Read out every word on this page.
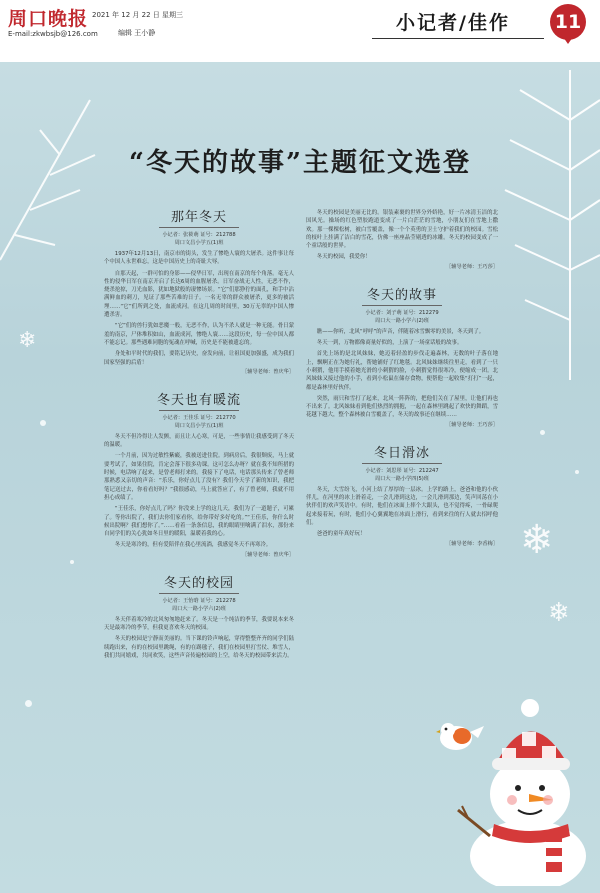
❄
❄
❄
周口晚报
E-mail:zkwbsjb@126.com
2021 年 12 月 22 日 星期三
编辑 王小静	小记者/佳作 11
“冬天的故事”主题征文选登
那年冬天
小记者：张筱萌 证号：212788
周口文昌小学五(1)班

1937年12月13日，南京市的街头，发生了惨绝人寰的大屠杀。这件事让每个中国人永世难忘，这是中国历史上的奇耻大辱。

自那天起，一群可怕的身影——侵华日军，出现在南京的每个角落。毫无人性的侵华日军在南京开启了长达6周的血腥屠杀。日军奋战无人性，无恶不作，烧杀抢掠，刀光血影，犹如地狱般的凄惨场景。“它”们那狰狞的面孔，和手中沾满鲜血的刺刀，见证了那些苦难的日子。一名无辜的群众被屠杀，更多的被活埋……“它”们所到之处，血流成河。在这几周的时间里，30万无辜的中国人惨遭杀害。

“它”们的兽行犹如恶魔一般，无恶不作，认为不杀人就是一种无能。骨日蒙羞的南京，尸体堆积如山，血流成河，惨绝人寰……这段历史，每一位中国人都不能忘记。那些遇难同胞的冤魂在呼喊，历史是不能被遗忘的。

身处和平时代的我们，要铭记历史，奋发向前，让祖国更加强盛，成为我们国家坚强的后盾！

［辅导老师：曾庆华］
冬天也有暖流
小记者：王佳乐 证号：212770
周口文昌小学五(1)班

冬天不但冷得让人发颤，而且让人心寒，可是，一些事情让我感受到了冬天的温暖。

一个月前，因为过敏性紫癜，我被送进住院。到病房后，我很颓废，马上就要考试了，如果住院，肯定会落下很多功课。这可怎么办呀？就在我不知所措的时候，电话响了起来，是曾老师打来的。我接下了电话，电话那头传来了曾老师那熟悉又亲切的声音：“乐乐，你好点儿了没有？我们今天学了新的知识，我把笔记送过去，你看看好吗？”我很感动，马上就答应了，有了曾老师，我就不用担心成绩了。

“王佳乐，你好点儿了吗？你没来上学的这几天，我们为了一道题子，可累了。等你出院了，我们去你们家看你，给你带好多好吃的。”“王佳乐，你什么时候出院啊？我们想你了。”……看着一条条信息，我的眼睛里噙满了泪水，那份来自同学们的关心犹如冬日里的暖阳，温暖着我的心。

冬天是寒冷的，但有爱陪伴在我心里流淌，我感觉冬天不再寒冷。

［辅导老师：曾庆华］
冬天的校园
小记者：王怡晗 证号：212278
周口大一路小学六(2)班

冬天伴着寒冷的北风匆匆地赶来了。冬天是一个纯洁的季节，我要说本来冬天是最寒冷的季节，但我更喜欢冬天的校园。

冬天的校园是宁静而美丽的。当下课的铃声响起，穿得整整齐齐的同学们陆续跑出来，有的在校园里跳绳，有的在踢毽子，我们在校园里打雪仗、堆雪人，我们共同嬉戏，共同欢笑，这些声音传遍校园的上空，给冬天的校园带来活力。

冬天的校园是美丽无比的。银装素裹的世界分外娇艳，好一片冰清玉洁的北国风光。操场的红色塑胶跑道变成了一片白茫茫的雪地，小朋友们在雪地上撒欢。那一棵棵松树，被白雪覆盖，像一个个英勇的卫士守护着我们的校园。雪松的枝叶上挂满了洁白的雪花，仿佛一座座晶莹剔透的冰雕。冬天的校园变成了一个童话般的世界。

冬天的校园，我爱你！

［辅导老师：王巧莎］
冬天的故事
小记者：刘子萌 证号：212279
周口大一路小学六(2)班

瞧——你听，北风“呼呼”的声音，伴随着冰雪飘零的美景，冬天到了。

冬天一到，万物都像商量好似的，上演了一场童话般的故事。

首先上场的是北风妹妹，她迈着轻盈的步伐走遍森林，无数的叶子落在地上，飘啊正在为她行礼，帮她铺好了红地毯。北风妹妹继续往里走，看到了一只小刺猬，他用手摸着她光滑的小刺猬的脸，小刺猬觉得很寒冷，便缩成一团。北风妹妹又接过他的小手，看到小松鼠在储存食物，便帮他一起收集“打打”一起，都是森林里好伙伴。

突然，雨只和雪打了起来，北风一阵阵的，把他们关在了屋里，让他们再也不出来了。北风妹妹看到他们热烈的拥抱，一起在森林里跳起了欢快的舞蹈，雪花越下越大，整个森林被白雪覆盖了，冬天的故事还在继续……

［辅导老师：王巧莎］
冬日滑冰
小记者：刘思彤 证号：212247
周口大一路小学四(5)班

冬天，大雪纷飞，小河上结了厚厚的一层冰。上学的路上，爸爸和他的小伙伴儿，在河里的冰上滑着走，一会儿滑到这边，一会儿滑到那边，笑声回荡在小伙伴们的欢声笑语中。有时，他们在冰面上摔个大跟头，也不觉得疼，一骨碌爬起来接着玩，有时，他们小心翼翼地在冰面上滑行，看到来往的行人就去招呼他们。

爸爸的童年真好玩！

［辅导老师：李香梅］
